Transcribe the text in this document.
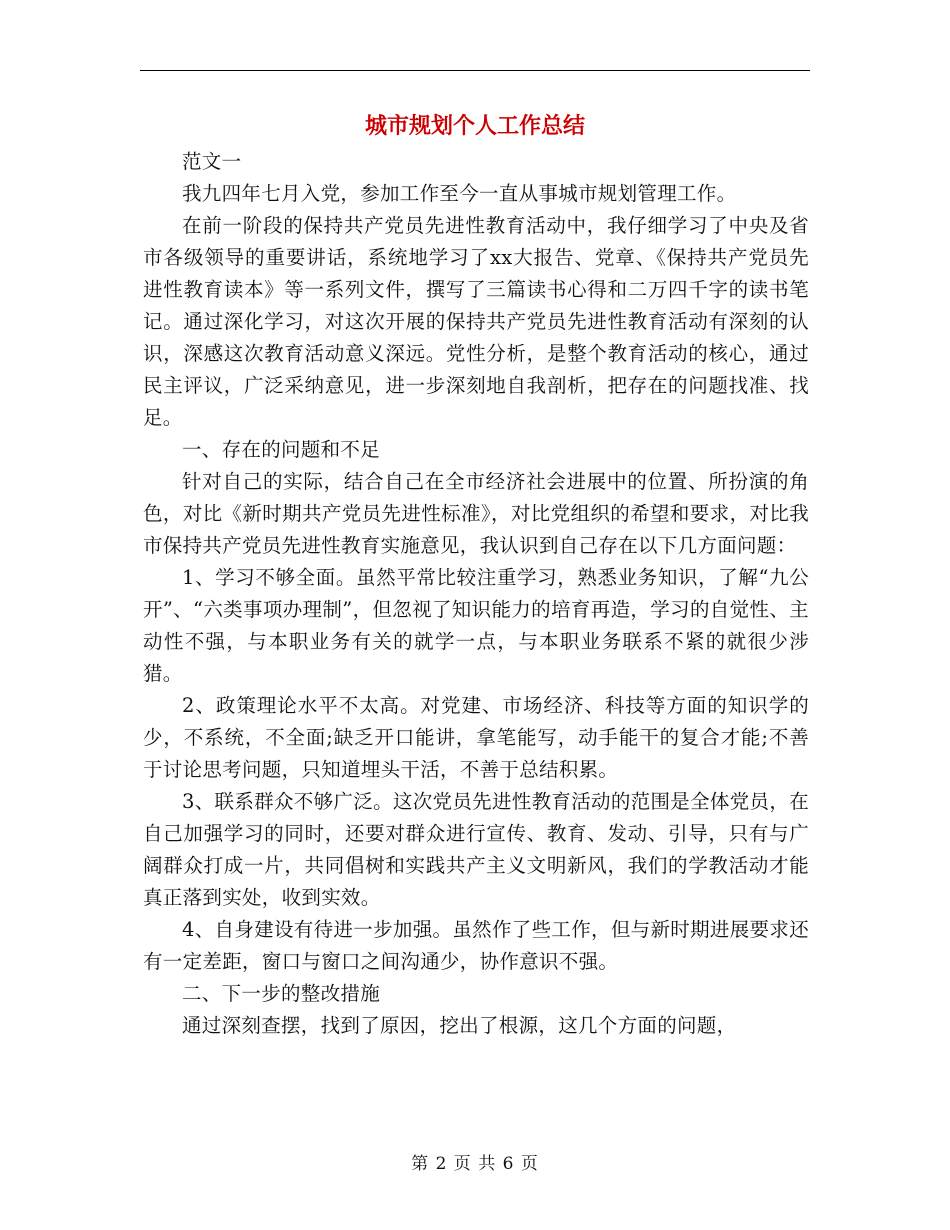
城市规划个人工作总结

范文一

我九四年七月入党，参加工作至今一直从事城市规划管理工作。

在前一阶段的保持共产党员先进性教育活动中，我仔细学习了中央及省市各级领导的重要讲话，系统地学习了xx大报告、党章、《保持共产党员先进性教育读本》等一系列文件，撰写了三篇读书心得和二万四千字的读书笔记。通过深化学习，对这次开展的保持共产党员先进性教育活动有深刻的认识，深感这次教育活动意义深远。党性分析，是整个教育活动的核心，通过民主评议，广泛采纳意见，进一步深刻地自我剖析，把存在的问题找准、找足。

一、存在的问题和不足

针对自己的实际，结合自己在全市经济社会进展中的位置、所扮演的角色，对比《新时期共产党员先进性标准》，对比党组织的希望和要求，对比我市保持共产党员先进性教育实施意见，我认识到自己存在以下几方面问题：

1、学习不够全面。虽然平常比较注重学习，熟悉业务知识，了解“九公开”、“六类事项办理制”，但忽视了知识能力的培育再造，学习的自觉性、主动性不强，与本职业务有关的就学一点，与本职业务联系不紧的就很少涉猎。

2、政策理论水平不太高。对党建、市场经济、科技等方面的知识学的少，不系统，不全面;缺乏开口能讲，拿笔能写，动手能干的复合才能;不善于讨论思考问题，只知道埋头干活，不善于总结积累。

3、联系群众不够广泛。这次党员先进性教育活动的范围是全体党员，在自己加强学习的同时，还要对群众进行宣传、教育、发动、引导，只有与广阔群众打成一片，共同倡树和实践共产主义文明新风，我们的学教活动才能真正落到实处，收到实效。

4、自身建设有待进一步加强。虽然作了些工作，但与新时期进展要求还有一定差距，窗口与窗口之间沟通少，协作意识不强。

二、下一步的整改措施

通过深刻查摆，找到了原因，挖出了根源，这几个方面的问题，

第 2 页 共 6 页
